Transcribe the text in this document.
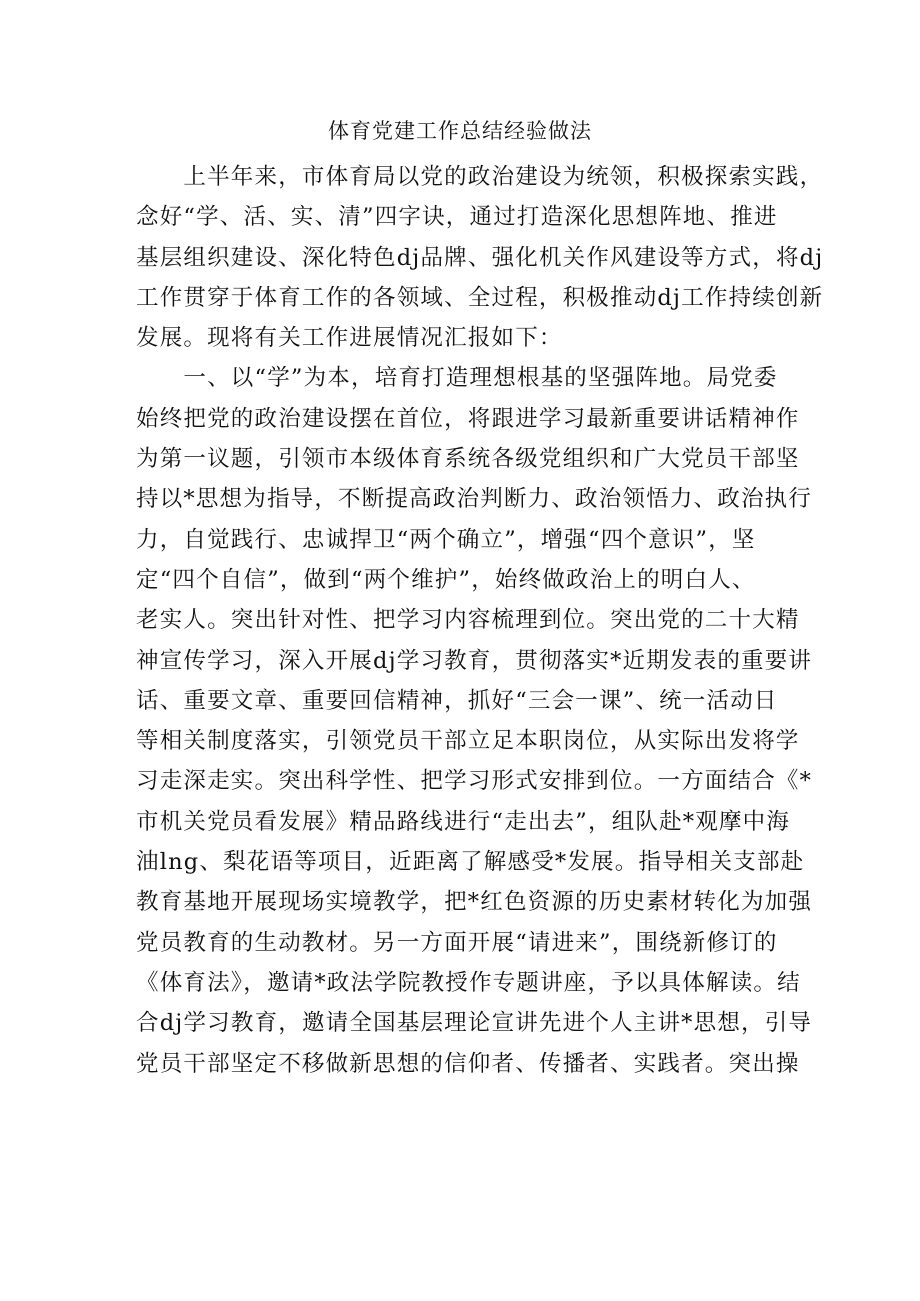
体育党建工作总结经验做法
　　上半年来，市体育局以党的政治建设为统领，积极探索实践，
念好“学、活、实、清”四字诀，通过打造深化思想阵地、推进
基层组织建设、深化特色dj品牌、强化机关作风建设等方式，将dj
工作贯穿于体育工作的各领域、全过程，积极推动dj工作持续创新
发展。现将有关工作进展情况汇报如下：
　　一、以“学”为本，培育打造理想根基的坚强阵地。局党委
始终把党的政治建设摆在首位，将跟进学习最新重要讲话精神作
为第一议题，引领市本级体育系统各级党组织和广大党员干部坚
持以*思想为指导，不断提高政治判断力、政治领悟力、政治执行
力，自觉践行、忠诚捍卫“两个确立”，增强“四个意识”，坚
定“四个自信”，做到“两个维护”，始终做政治上的明白人、
老实人。突出针对性、把学习内容梳理到位。突出党的二十大精
神宣传学习，深入开展dj学习教育，贯彻落实*近期发表的重要讲
话、重要文章、重要回信精神，抓好“三会一课”、统一活动日
等相关制度落实，引领党员干部立足本职岗位，从实际出发将学
习走深走实。突出科学性、把学习形式安排到位。一方面结合《*
市机关党员看发展》精品路线进行“走出去”，组队赴*观摩中海
油lng、梨花语等项目，近距离了解感受*发展。指导相关支部赴
教育基地开展现场实境教学，把*红色资源的历史素材转化为加强
党员教育的生动教材。另一方面开展“请进来”，围绕新修订的
《体育法》，邀请*政法学院教授作专题讲座，予以具体解读。结
合dj学习教育，邀请全国基层理论宣讲先进个人主讲*思想，引导
党员干部坚定不移做新思想的信仰者、传播者、实践者。突出操
